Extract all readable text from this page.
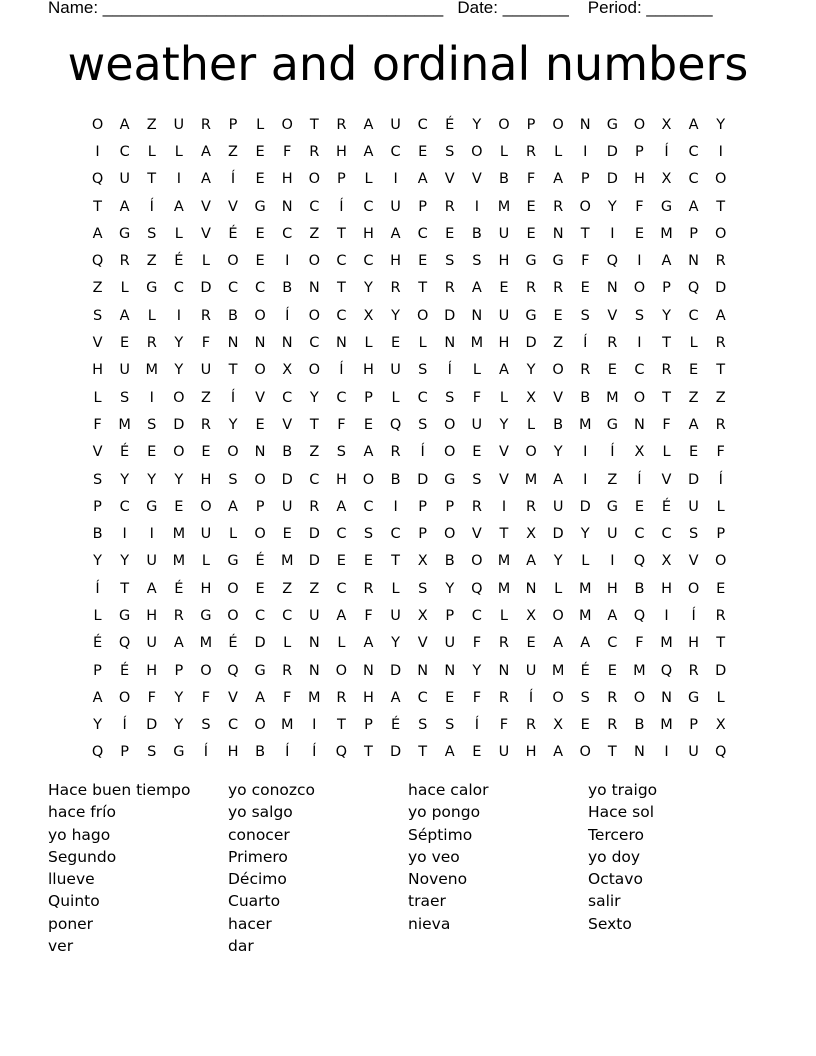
Name: ____________________________________ Date: _______ Period: _______
weather and ordinal numbers
O	A	Z	U	R	P	L	O	T	R	A	U	C	É	Y	O	P	O	N	G	O	X	A	Y
I	C	L	L	A	Z	E	F	R	H	A	C	E	S	O	L	R	L	I	D	P	Í	C	I
Q	U	T	I	A	Í	E	H	O	P	L	I	A	V	V	B	F	A	P	D	H	X	C	O
T	A	Í	A	V	V	G	N	C	Í	C	U	P	R	I	M	E	R	O	Y	F	G	A	T
A	G	S	L	V	É	E	C	Z	T	H	A	C	E	B	U	E	N	T	I	E	M	P	O
Q	R	Z	É	L	O	E	I	O	C	C	H	E	S	S	H	G	G	F	Q	I	A	N	R
Z	L	G	C	D	C	C	B	N	T	Y	R	T	R	A	E	R	R	E	N	O	P	Q	D
S	A	L	I	R	B	O	Í	O	C	X	Y	O	D	N	U	G	E	S	V	S	Y	C	A
V	E	R	Y	F	N	N	N	C	N	L	E	L	N	M	H	D	Z	Í	R	I	T	L	R
H	U	M	Y	U	T	O	X	O	Í	H	U	S	Í	L	A	Y	O	R	E	C	R	E	T
L	S	I	O	Z	Í	V	C	Y	C	P	L	C	S	F	L	X	V	B	M	O	T	Z	Z
F	M	S	D	R	Y	E	V	T	F	E	Q	S	O	U	Y	L	B	M	G	N	F	A	R
V	É	E	O	E	O	N	B	Z	S	A	R	Í	O	E	V	O	Y	I	Í	X	L	E	F
S	Y	Y	Y	H	S	O	D	C	H	O	B	D	G	S	V	M	A	I	Z	Í	V	D	Í
P	C	G	E	O	A	P	U	R	A	C	I	P	P	R	I	R	U	D	G	E	É	U	L
B	I	I	M	U	L	O	E	D	C	S	C	P	O	V	T	X	D	Y	U	C	C	S	P
Y	Y	U	M	L	G	É	M	D	E	E	T	X	B	O	M	A	Y	L	I	Q	X	V	O
Í	T	A	É	H	O	E	Z	Z	C	R	L	S	Y	Q	M	N	L	M	H	B	H	O	E
L	G	H	R	G	O	C	C	U	A	F	U	X	P	C	L	X	O	M	A	Q	I	Í	R
É	Q	U	A	M	É	D	L	N	L	A	Y	V	U	F	R	E	A	A	C	F	M	H	T
P	É	H	P	O	Q	G	R	N	O	N	D	N	N	Y	N	U	M	É	E	M	Q	R	D
A	O	F	Y	F	V	A	F	M	R	H	A	C	E	F	R	Í	O	S	R	O	N	G	L
Y	Í	D	Y	S	C	O	M	I	T	P	É	S	S	Í	F	R	X	E	R	B	M	P	X
Q	P	S	G	Í	H	B	Í	Í	Q	T	D	T	A	E	U	H	A	O	T	N	I	U	Q
Hace buen tiempo
hace frío
yo hago
Segundo
llueve
Quinto
poner
ver
yo conozco
yo salgo
conocer
Primero
Décimo
Cuarto
hacer
dar
hace calor
yo pongo
Séptimo
yo veo
Noveno
traer
nieva
yo traigo
Hace sol
Tercero
yo doy
Octavo
salir
Sexto
